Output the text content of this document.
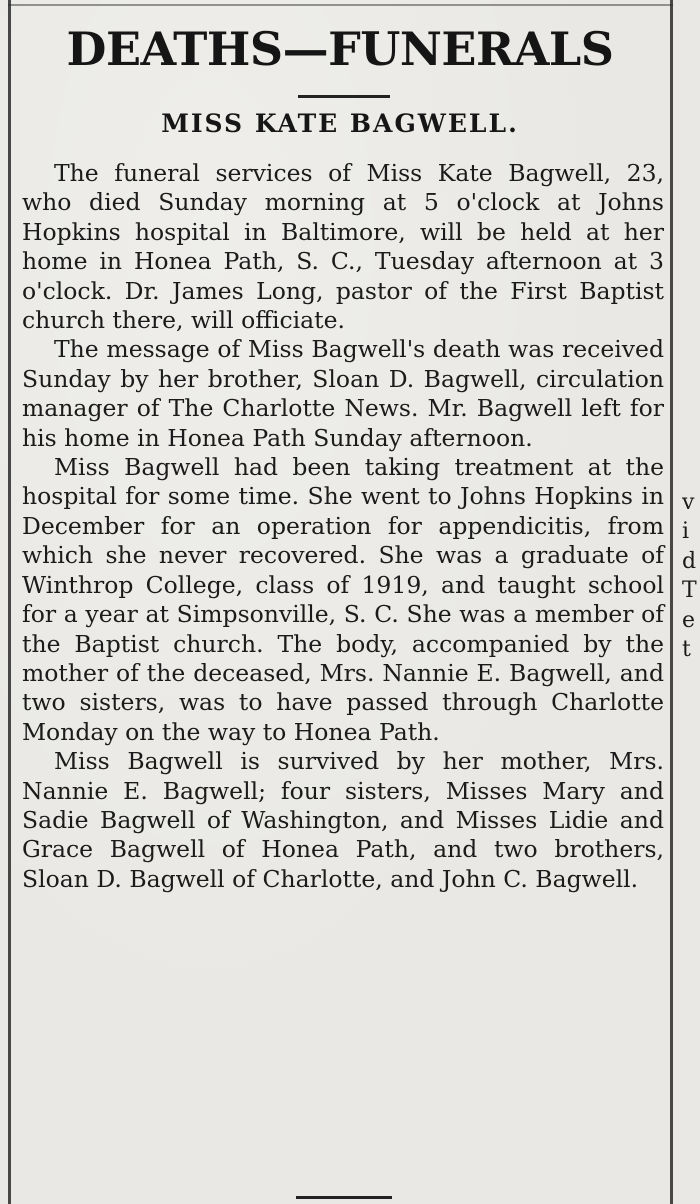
DEATHS—FUNERALS
MISS KATE BAGWELL.

The funeral services of Miss Kate Bagwell, 23, who died Sunday morning at 5 o'clock at Johns Hopkins hospital in Baltimore, will be held at her home in Honea Path, S. C., Tuesday afternoon at 3 o'clock. Dr. James Long, pastor of the First Baptist church there, will officiate.

The message of Miss Bagwell's death was received Sunday by her brother, Sloan D. Bagwell, circulation manager of The Charlotte News. Mr. Bagwell left for his home in Honea Path Sunday afternoon.

Miss Bagwell had been taking treatment at the hospital for some time. She went to Johns Hopkins in December for an operation for appendicitis, from which she never recovered. She was a graduate of Winthrop College, class of 1919, and taught school for a year at Simpsonville, S. C. She was a member of the Baptist church. The body, accompanied by the mother of the deceased, Mrs. Nannie E. Bagwell, and two sisters, was to have passed through Charlotte Monday on the way to Honea Path.

Miss Bagwell is survived by her mother, Mrs. Nannie E. Bagwell; four sisters, Misses Mary and Sadie Bagwell of Washington, and Misses Lidie and Grace Bagwell of Honea Path, and two brothers, Sloan D. Bagwell of Charlotte, and John C. Bagwell.

v
i
d
T
e
t
